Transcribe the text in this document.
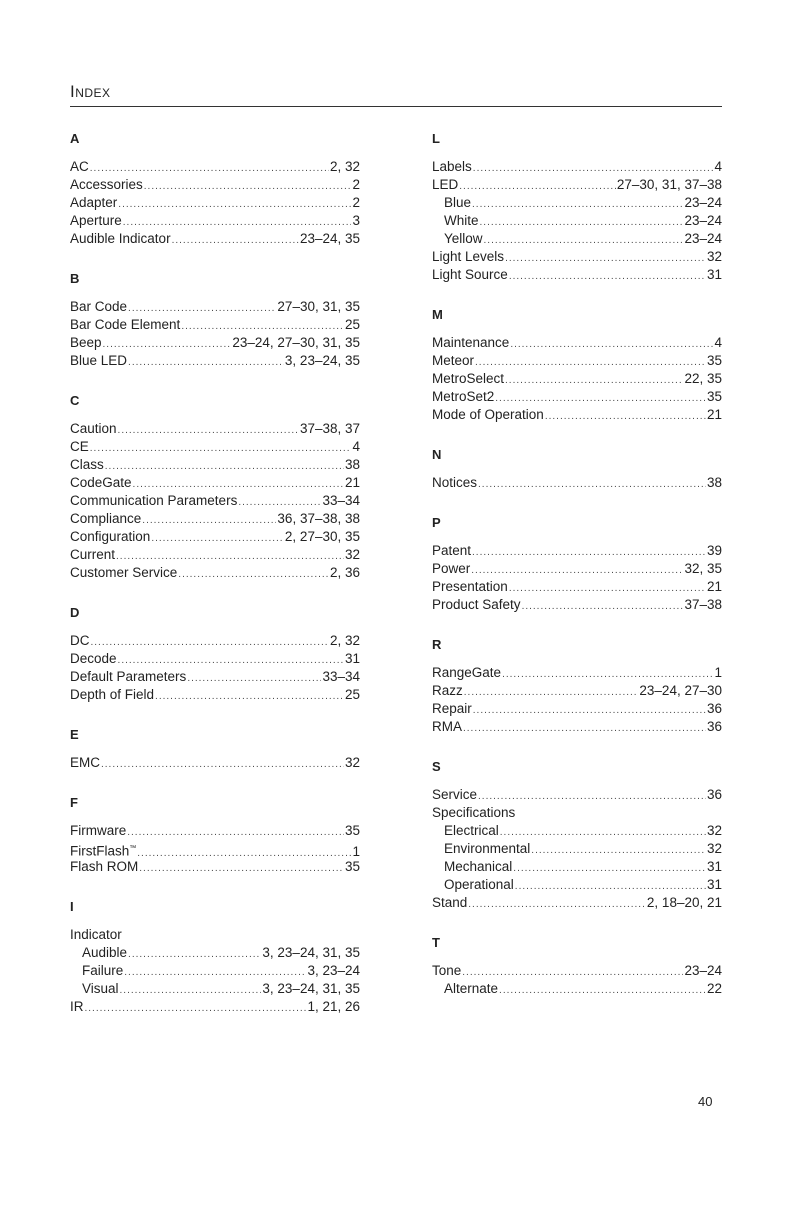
Index
A
AC .....	2, 32
Accessories .....	2
Adapter .....	2
Aperture .....	3
Audible Indicator .....	23–24, 35
B
Bar Code .....	27–30, 31, 35
Bar Code Element .....	25
Beep .....	23–24, 27–30, 31, 35
Blue LED .....	3, 23–24, 35
C
Caution .....	37–38, 37
CE .....	4
Class .....	38
CodeGate .....	21
Communication Parameters .....	33–34
Compliance .....	36, 37–38, 38
Configuration .....	2, 27–30, 35
Current .....	32
Customer Service .....	2, 36
D
DC .....	2, 32
Decode .....	31
Default Parameters .....	33–34
Depth of Field .....	25
E
EMC .....	32
F
Firmware .....	35
FirstFlash™ .....	1
Flash ROM .....	35
I
Indicator
Audible .....	3, 23–24, 31, 35
Failure .....	3, 23–24
Visual .....	3, 23–24, 31, 35
IR .....	1, 21, 26
L
Labels .....	4
LED .....	27–30, 31, 37–38
Blue .....	23–24
White .....	23–24
Yellow .....	23–24
Light Levels .....	32
Light Source .....	31
M
Maintenance .....	4
Meteor .....	35
MetroSelect .....	22, 35
MetroSet2 .....	35
Mode of Operation .....	21
N
Notices .....	38
P
Patent .....	39
Power .....	32, 35
Presentation .....	21
Product Safety .....	37–38
R
RangeGate .....	1
Razz .....	23–24, 27–30
Repair .....	36
RMA .....	36
S
Service .....	36
Specifications
Electrical .....	32
Environmental .....	32
Mechanical .....	31
Operational .....	31
Stand .....	2, 18–20, 21
T
Tone .....	23–24
Alternate .....	22
40
